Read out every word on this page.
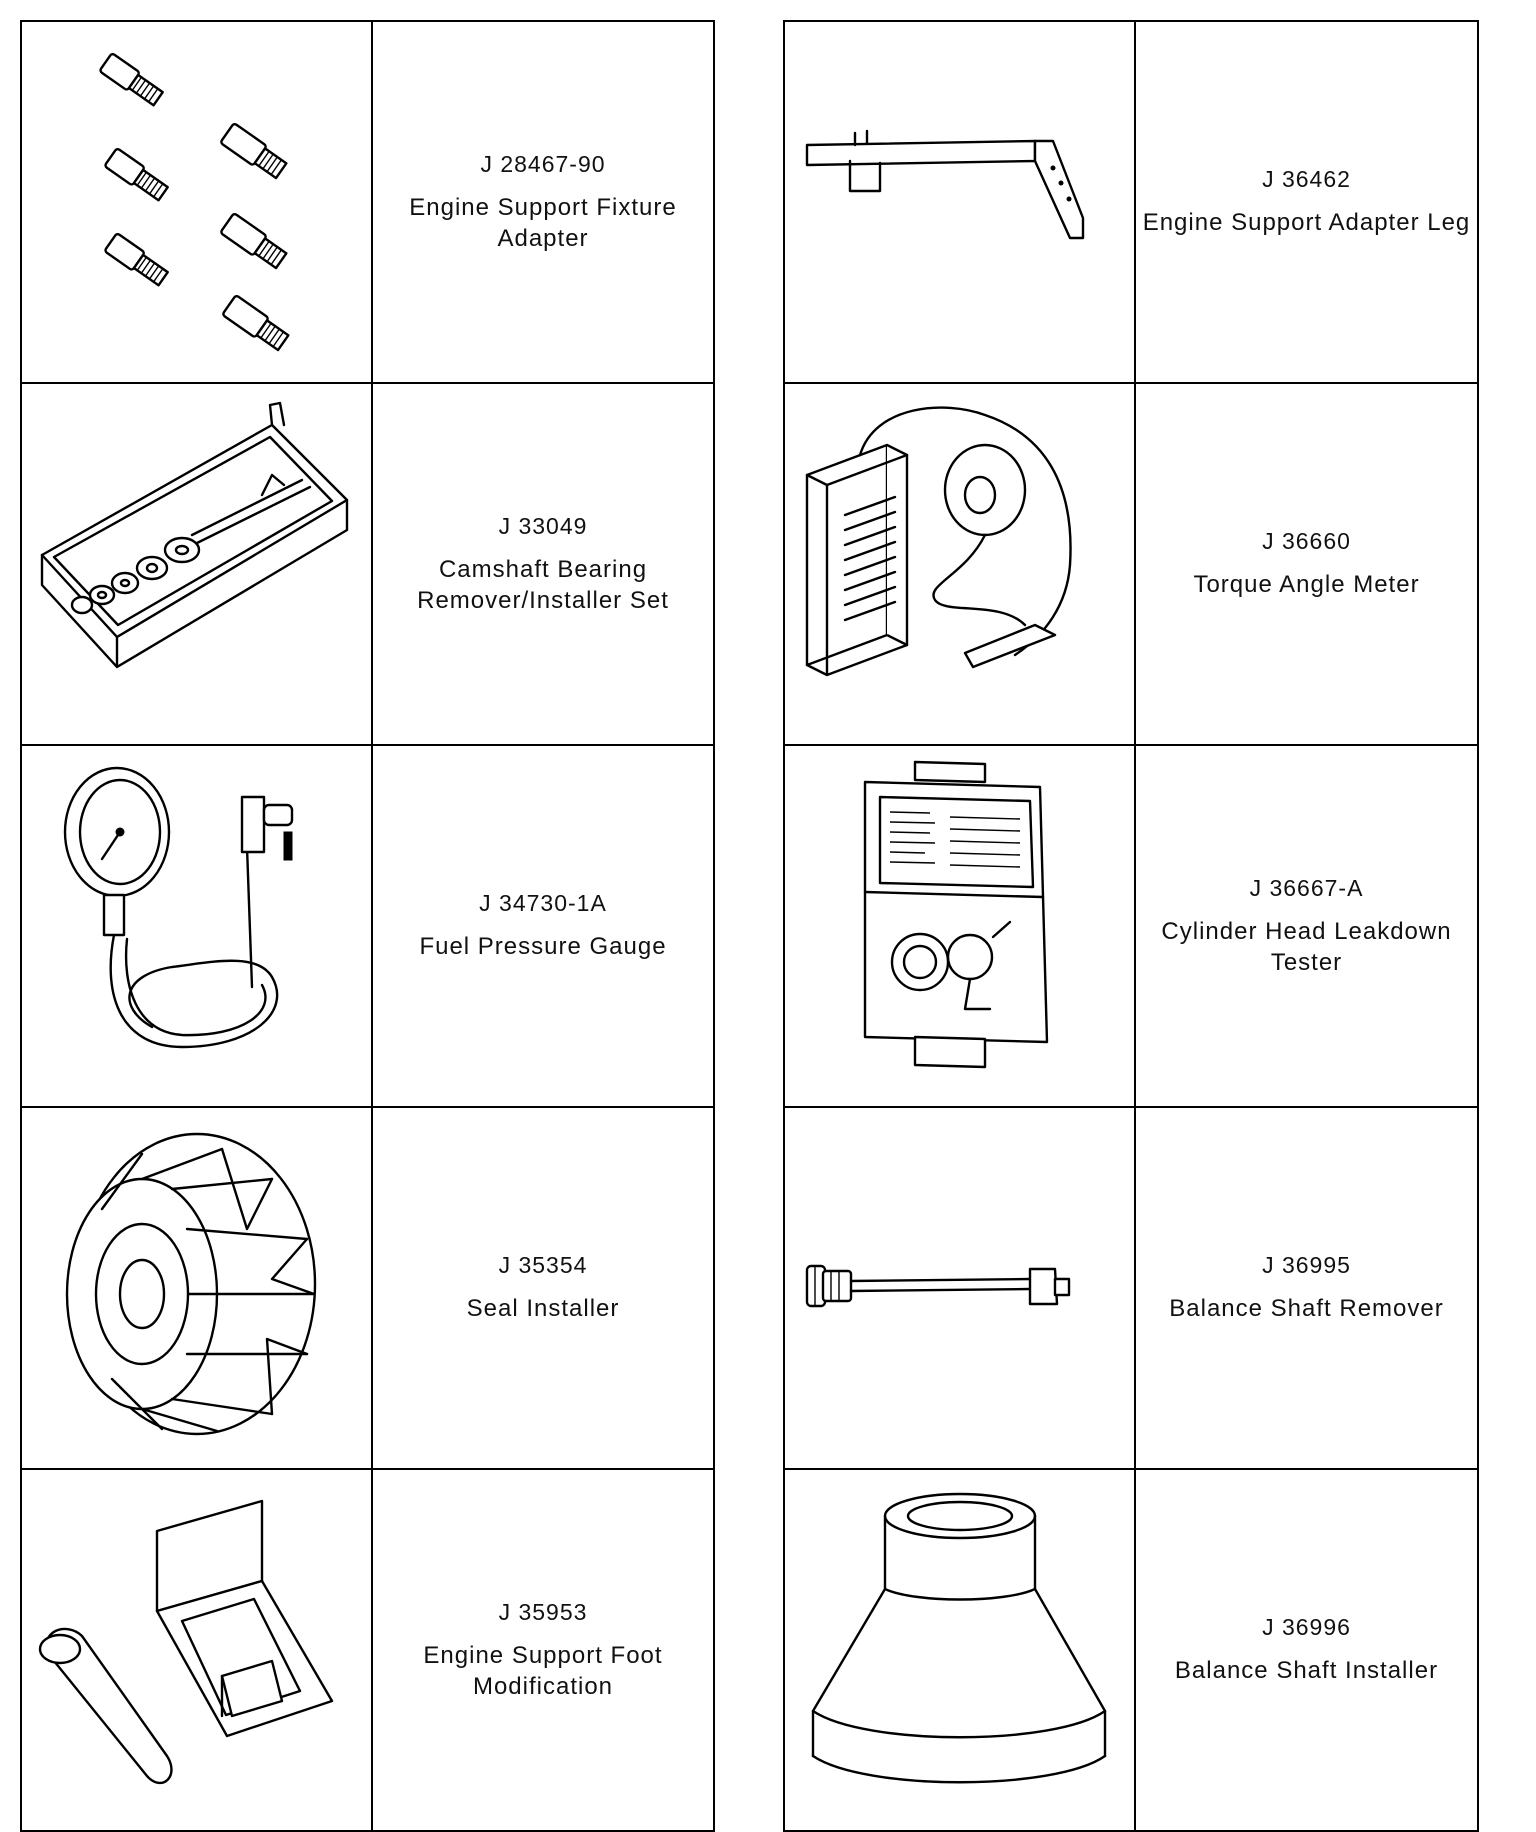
J 28467-90
Engine Support Fixture
Adapter

J 33049
Camshaft Bearing
Remover/Installer Set

J 34730-1A
Fuel Pressure Gauge

J 35354
Seal Installer

J 35953
Engine Support Foot
Modification

J 36462
Engine Support Adapter Leg

J 36660
Torque Angle Meter

J 36667-A
Cylinder Head Leakdown
Tester

J 36995
Balance Shaft Remover

J 36996
Balance Shaft Installer
